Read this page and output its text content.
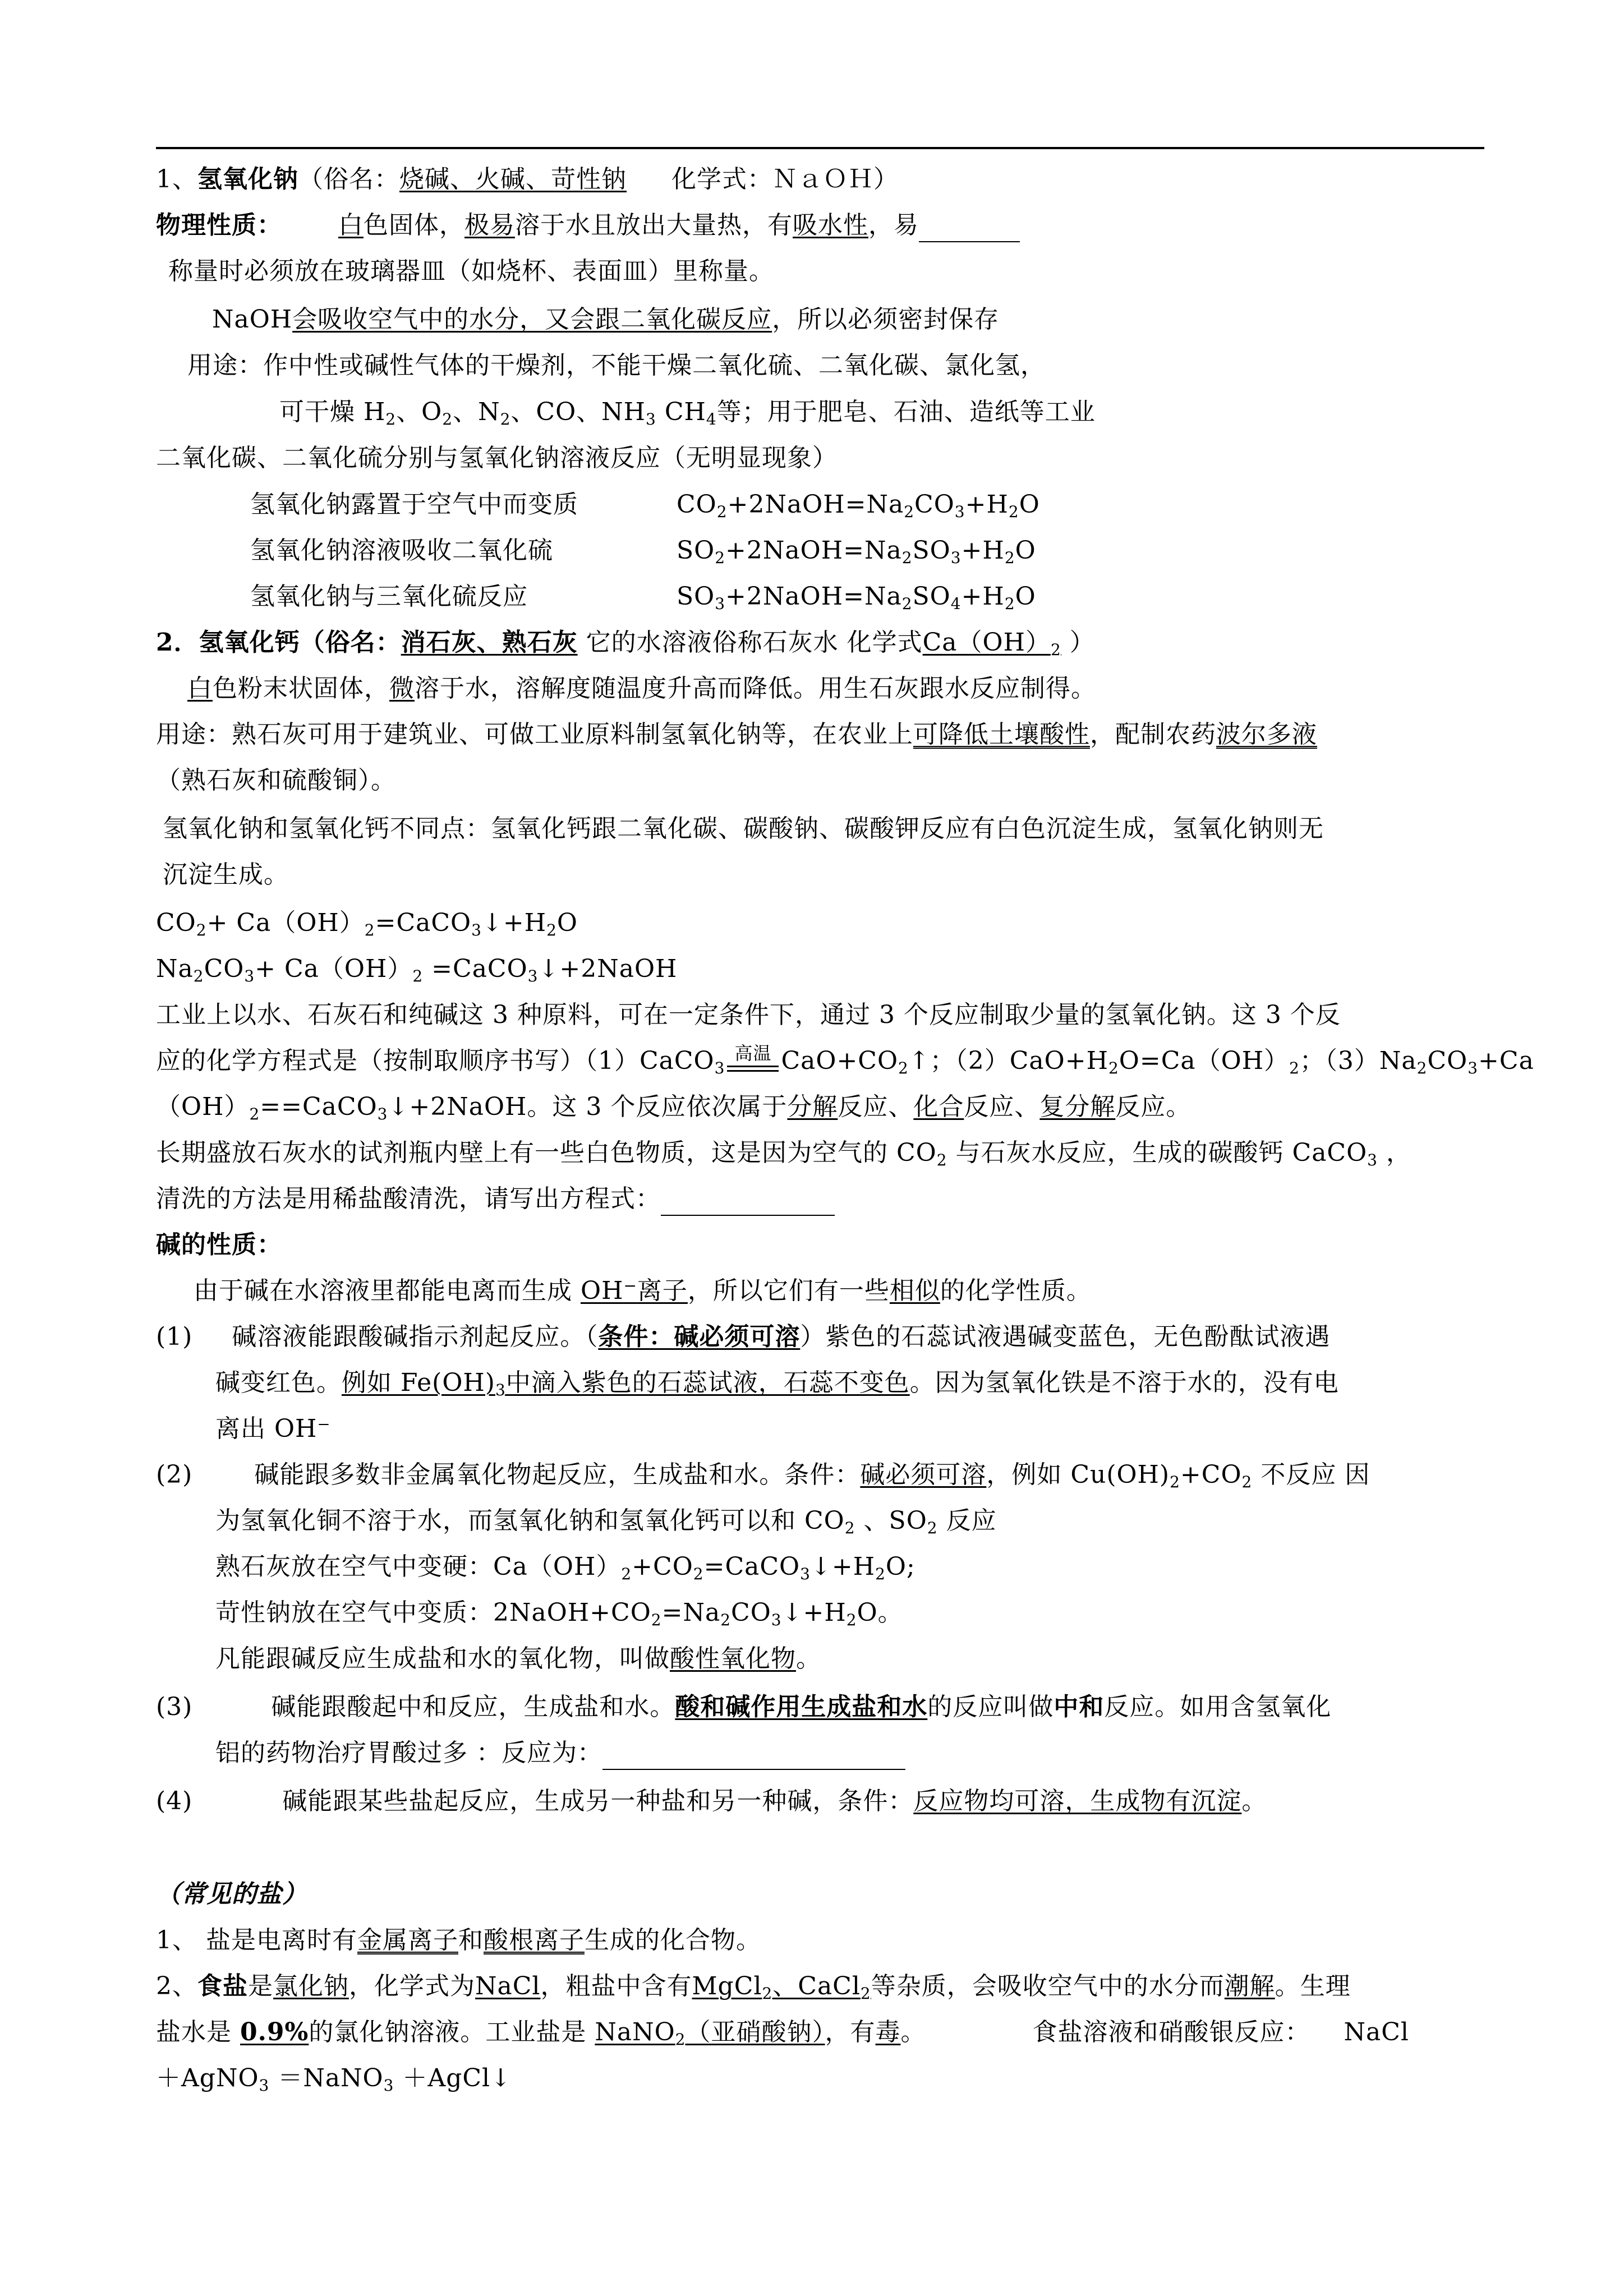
1、氢氧化钠（俗名：烧碱、火碱、苛性钠 化学式：ＮａＯＨ）
物理性质： 白色固体，极易溶于水且放出大量热，有吸水性，易
称量时必须放在玻璃器皿（如烧杯、表面皿）里称量。
NaOH会吸收空气中的水分，又会跟二氧化碳反应，所以必须密封保存
用途：作中性或碱性气体的干燥剂，不能干燥二氧化硫、二氧化碳、氯化氢，
可干燥 $H_2$、$O_2$、$N_2$、CO、$NH_3$ $CH_4$等；用于肥皂、石油、造纸等工业
二氧化碳、二氧化硫分别与氢氧化钠溶液反应（无明显现象）
氢氧化钠露置于空气中而变质	$CO_2+2NaOH=Na_2CO_3+H_2O$
氢氧化钠溶液吸收二氧化硫	$SO_2+2NaOH=Na_2SO_3+H_2O$
氢氧化钠与三氧化硫反应	$SO_3+2NaOH=Na_2SO_4+H_2O$
2．氢氧化钙（俗名：消石灰、熟石灰 它的水溶液俗称石灰水 化学式$Ca(OH)_2$ ）
白色粉末状固体，微溶于水，溶解度随温度升高而降低。用生石灰跟水反应制得。
用途：熟石灰可用于建筑业、可做工业原料制氢氧化钠等，在农业上可降低土壤酸性，配制农药波尔多液
（熟石灰和硫酸铜）。
氢氧化钠和氢氧化钙不同点：氢氧化钙跟二氧化碳、碳酸钠、碳酸钾反应有白色沉淀生成，氢氧化钠则无
沉淀生成。
$CO_2+$ $Ca(OH)_2=CaCO_3↓+H_2O$
$Na_2CO_3+ Ca(OH)_2$ =CaCO$_3$↓+2NaOH
工业上以水、石灰石和纯碱这 3 种原料，可在一定条件下，通过 3 个反应制取少量的氢氧化钠。这 3 个反
应的化学方程式是（按制取顺序书写）（1）CaCO$_3$
高温 $CaO+CO_2↑$；$(2)CaO+H_2O=Ca(OH)_2$；$(3)Na_2CO_3+Ca$
$(OH)_2==CaCO_3↓+2NaOH$。这 3 个反应依次属于分解反应、化合反应、复分解反应。
长期盛放石灰水的试剂瓶内壁上有一些白色物质，这是因为空气的 $CO_2$ 与石灰水反应，生成的碳酸钙 CaCO$_3$ ，
清洗的方法是用稀盐酸清洗，请写出方程式：
碱的性质：
由于碱在水溶液里都能电离而生成 OH−离子，所以它们有一些相似的化学性质。
(1) 碱溶液能跟酸碱指示剂起反应。（条件：碱必须可溶）紫色的石蕊试液遇碱变蓝色，无色酚酞试液遇
碱变红色。例如 $Fe(OH)_3$中滴入紫色的石蕊试液，石蕊不变色。因为氢氧化铁是不溶于水的，没有电
离出 OH⁻
(2)	碱能跟多数非金属氧化物起反应，生成盐和水。条件：碱必须可溶，例如 $Cu(OH)_2+CO_2$ 不反应 因
为氢氧化铜不溶于水，而氢氧化钠和氢氧化钙可以和 $CO_2$ 、$SO_2$ 反应
熟石灰放在空气中变硬：$Ca(OH)_2+CO_2=CaCO_3↓+H_2O$;
苛性钠放在空气中变质：$2NaOH+CO_2=Na_2CO_3↓+H_2O$。
凡能跟碱反应生成盐和水的氧化物，叫做酸性氧化物。
(3)	碱能跟酸起中和反应，生成盐和水。酸和碱作用生成盐和水的反应叫做中和反应。如用含氢氧化
铝的药物治疗胃酸过多 ：反应为：
(4)	碱能跟某些盐起反应，生成另一种盐和另一种碱，条件：反应物均可溶，生成物有沉淀。
（常见的盐）
1、 盐是电离时有金属离子和酸根离子生成的化合物。
2、食盐是氯化钠，化学式为NaCl，粗盐中含有MgCl$_2$、CaCl$_2$等杂质，会吸收空气中的水分而潮解。生理
盐水是 0.9%的氯化钠溶液。工业盐是 NaNO$_2$（亚硝酸钠），有毒。	食盐溶液和硝酸银反应： NaCl
＋AgNO$_3$ ＝NaNO$_3$ ＋AgCl↓
